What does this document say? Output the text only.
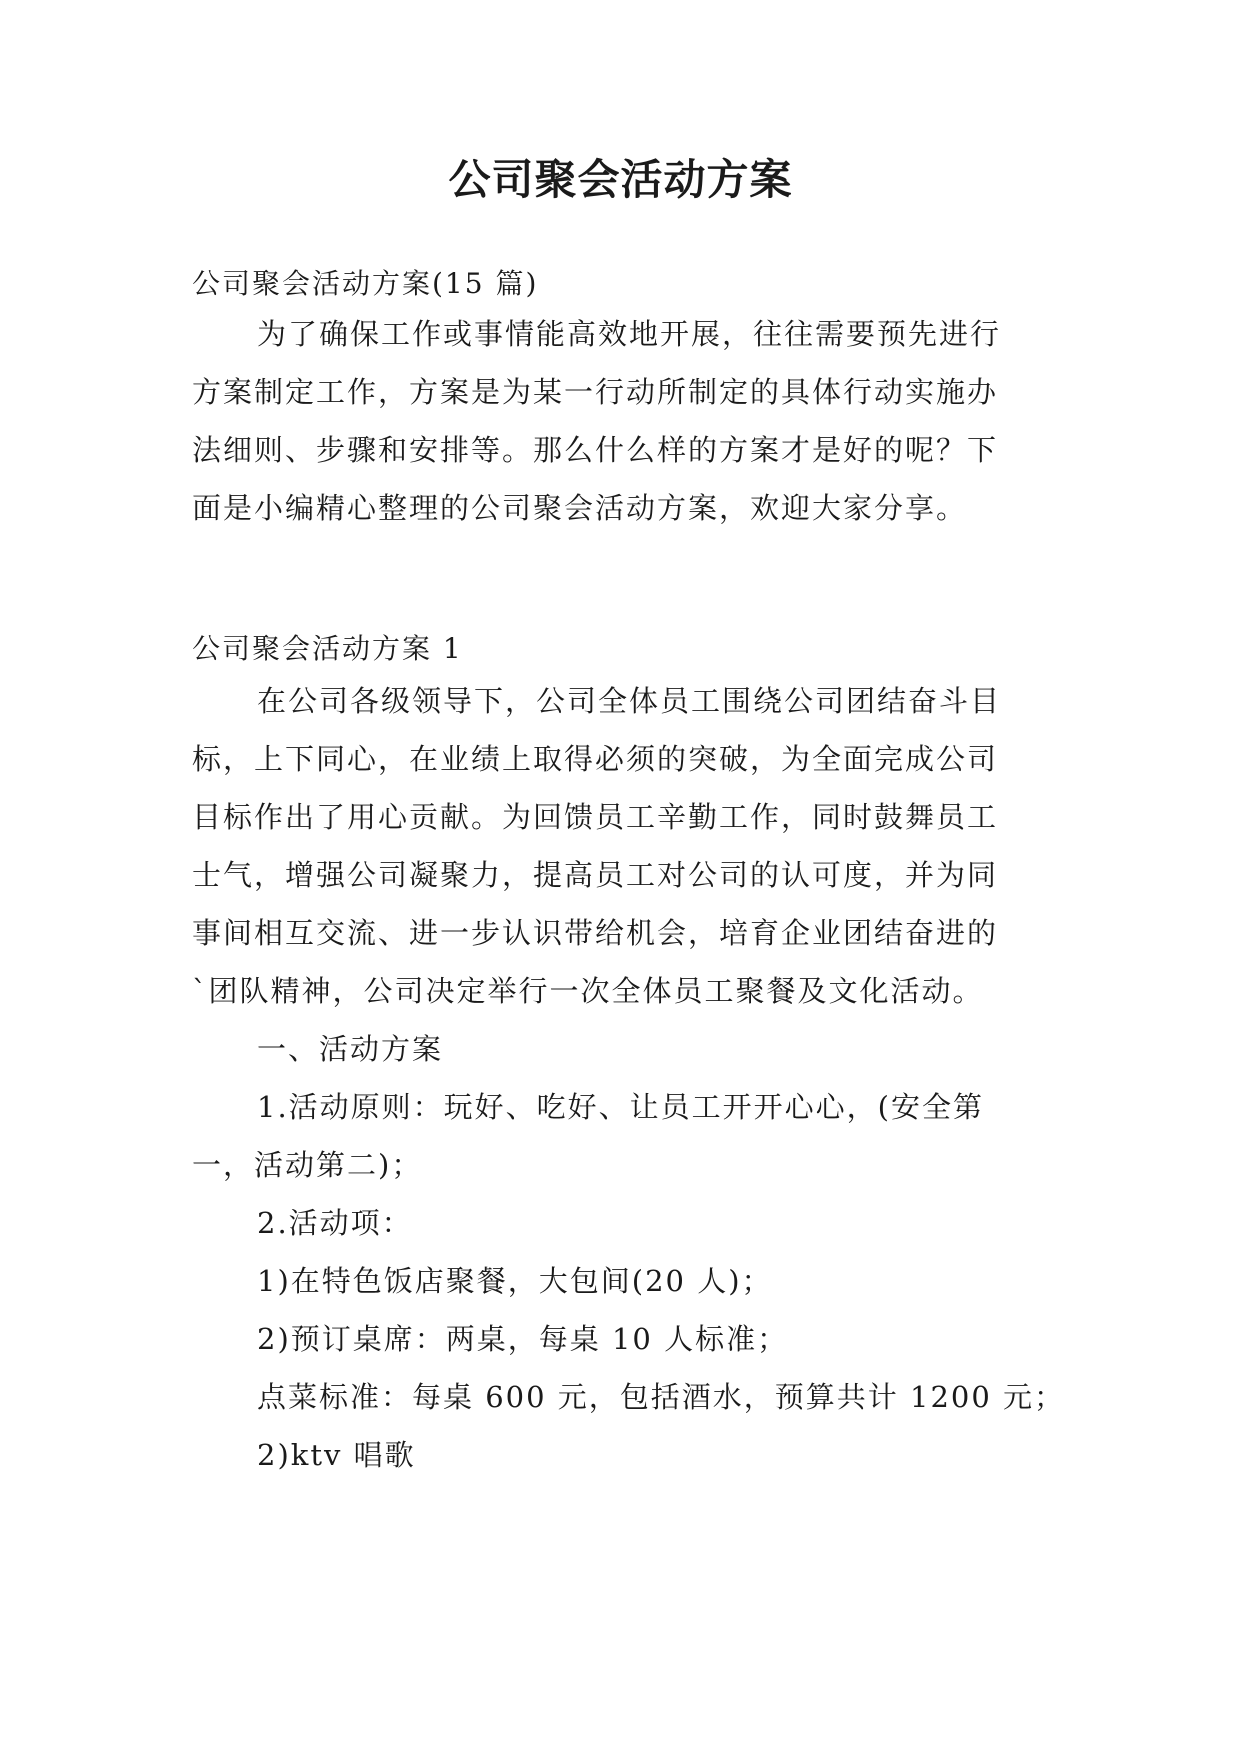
公司聚会活动方案

公司聚会活动方案(15 篇)

为了确保工作或事情能高效地开展，往往需要预先进行
方案制定工作，方案是为某一行动所制定的具体行动实施办
法细则、步骤和安排等。那么什么样的方案才是好的呢？下
面是小编精心整理的公司聚会活动方案，欢迎大家分享。

公司聚会活动方案 1

在公司各级领导下，公司全体员工围绕公司团结奋斗目
标，上下同心，在业绩上取得必须的突破，为全面完成公司
目标作出了用心贡献。为回馈员工辛勤工作，同时鼓舞员工
士气，增强公司凝聚力，提高员工对公司的认可度，并为同
事间相互交流、进一步认识带给机会，培育企业团结奋进的
`团队精神，公司决定举行一次全体员工聚餐及文化活动。
一、活动方案
1.活动原则：玩好、吃好、让员工开开心心，(安全第
一，活动第二)；
2.活动项：
1)在特色饭店聚餐，大包间(20 人)；
2)预订桌席：两桌，每桌 10 人标准；
点菜标准：每桌 600 元，包括酒水，预算共计 1200 元；
2)ktv 唱歌
